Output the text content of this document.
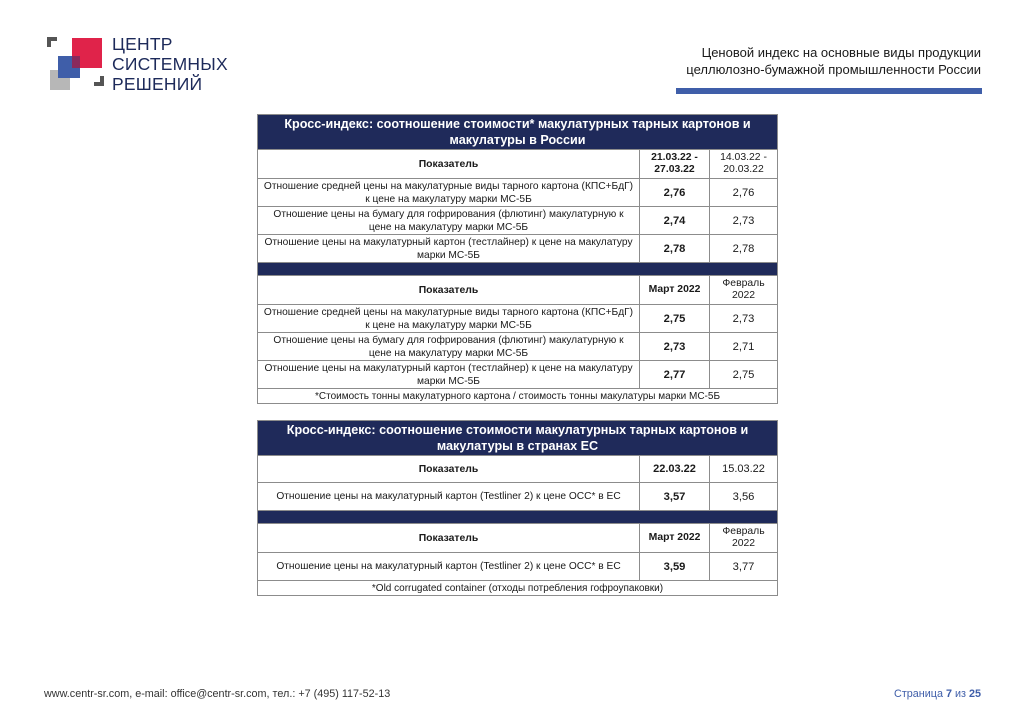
ЦЕНТР
СИСТЕМНЫХ
РЕШЕНИЙ
Ценовой индекс на основные виды продукции
целлюлозно-бумажной промышленности России
Кросс-индекс: соотношение стоимости* макулатурных тарных картонов и макулатуры в России		
Показатель	21.03.22 - 27.03.22	14.03.22 - 20.03.22
Отношение средней цены на макулатурные виды тарного картона (КПС+БдГ) к цене на макулатуру марки МС-5Б	2,76	2,76
Отношение цены на бумагу для гофрирования (флютинг) макулатурную к цене на макулатуру марки МС-5Б	2,74	2,73
Отношение цены на макулатурный картон (тестлайнер) к цене на макулатуру марки МС-5Б	2,78	2,78

Показатель	Март 2022	Февраль 2022
Отношение средней цены на макулатурные виды тарного картона (КПС+БдГ) к цене на макулатуру марки МС-5Б	2,75	2,73
Отношение цены на бумагу для гофрирования (флютинг) макулатурную к цене на макулатуру марки МС-5Б	2,73	2,71
Отношение цены на макулатурный картон (тестлайнер) к цене на макулатуру марки МС-5Б	2,77	2,75
*Стоимость тонны макулатурного картона / стоимость тонны макулатуры марки МС-5Б		
Кросс-индекс: соотношение стоимости макулатурных тарных картонов и макулатуры в странах ЕС		
Показатель	22.03.22	15.03.22
Отношение цены на макулатурный картон (Testliner 2) к цене OCC* в ЕС	3,57	3,56

Показатель	Март 2022	Февраль 2022
Отношение цены на макулатурный картон (Testliner 2) к цене OCC* в ЕС	3,59	3,77
*Old corrugated container (отходы потребления гофроупаковки)		
www.centr-sr.com, e-mail: office@centr-sr.com, тел.: +7 (495) 117-52-13	Страница 7 из 25
